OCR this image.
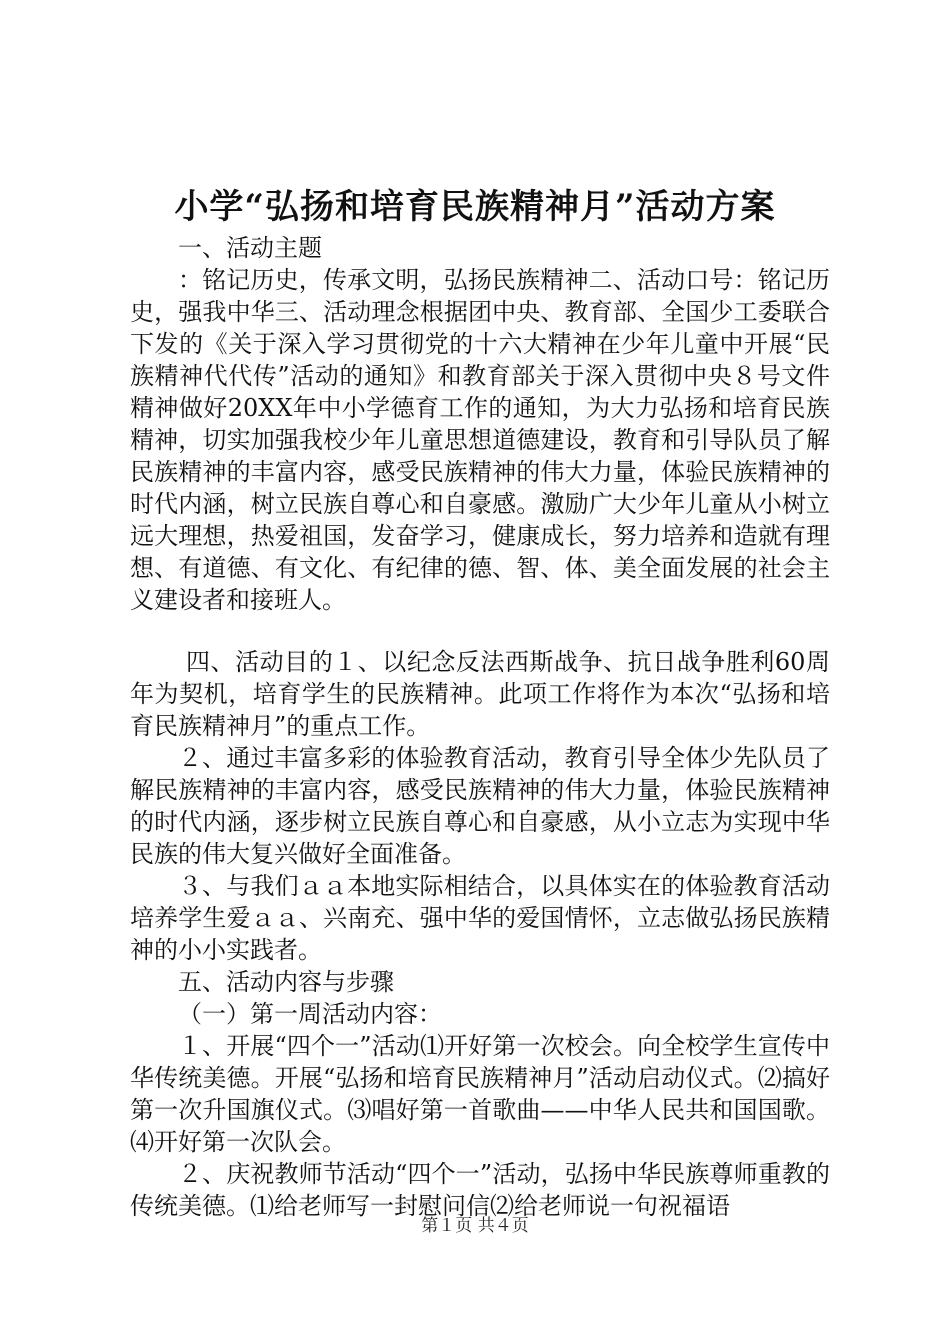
小学“弘扬和培育民族精神月”活动方案

一、活动主题

：铭记历史，传承文明，弘扬民族精神二、活动口号：铭记历史，强我中华三、活动理念根据团中央、教育部、全国少工委联合下发的《关于深入学习贯彻党的十六大精神在少年儿童中开展“民族精神代代传”活动的通知》和教育部关于深入贯彻中央８号文件精神做好20XX年中小学德育工作的通知，为大力弘扬和培育民族精神，切实加强我校少年儿童思想道德建设，教育和引导队员了解民族精神的丰富内容，感受民族精神的伟大力量，体验民族精神的时代内涵，树立民族自尊心和自豪感。激励广大少年儿童从小树立远大理想，热爱祖国，发奋学习，健康成长，努力培养和造就有理想、有道德、有文化、有纪律的德、智、体、美全面发展的社会主义建设者和接班人。

四、活动目的１、以纪念反法西斯战争、抗日战争胜利60周年为契机，培育学生的民族精神。此项工作将作为本次“弘扬和培育民族精神月”的重点工作。

２、通过丰富多彩的体验教育活动，教育引导全体少先队员了解民族精神的丰富内容，感受民族精神的伟大力量，体验民族精神的时代内涵，逐步树立民族自尊心和自豪感，从小立志为实现中华民族的伟大复兴做好全面准备。

３、与我们ａａ本地实际相结合，以具体实在的体验教育活动培养学生爱ａａ、兴南充、强中华的爱国情怀，立志做弘扬民族精神的小小实践者。

五、活动内容与步骤

（一）第一周活动内容：

１、开展“四个一”活动⑴开好第一次校会。向全校学生宣传中华传统美德。开展“弘扬和培育民族精神月”活动启动仪式。⑵搞好第一次升国旗仪式。⑶唱好第一首歌曲——中华人民共和国国歌。⑷开好第一次队会。

２、庆祝教师节活动“四个一”活动，弘扬中华民族尊师重教的传统美德。⑴给老师写一封慰问信⑵给老师说一句祝福语

第１页 共４页
